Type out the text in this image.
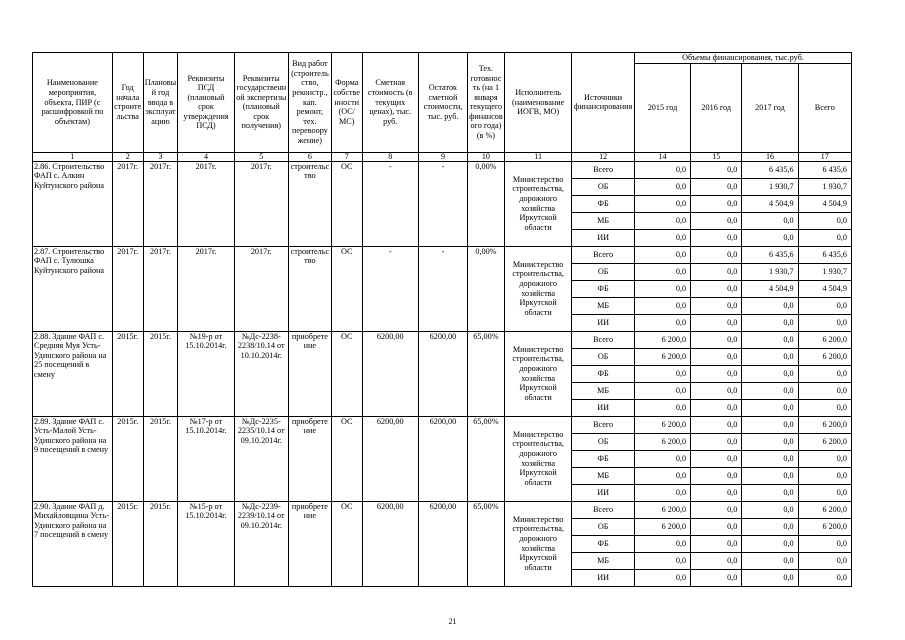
Наименование мероприятия, объекта, ПИР (с расшифровкой по объектам)	Год начала строительства	Плановый год ввода в эксплуатацию	Реквизиты ПСД (плановый срок утверждения ПСД)	Реквизиты государственной экспертизы (плановый срок получения)	Вид работ (строительство, реконстр., кап. ремонт, тех. перевооружение)	Форма собственности (ОС/МС)	Сметная стоимость (в текущих ценах), тыс. руб.	Остаток сметной стоимости, тыс. руб.	Тех. готовность (на 1 января текущего финансового года) (в %)	Исполнитель (наименование ИОГВ, МО)	Источники финансирования	Объемы финансирования, тыс.руб.			
												2015 год	2016 год	2017 год	Всего
1	2	3	4	5	6	7	8	9	10	11	12	14	15	16	17
2.86. Строительство ФАП с. Алкин Куйтунского района	2017г.	2017г.	2017г.	2017г.	строительство	ОС	-	-	0,00%	Министерство строительства, дорожного хозяйства Иркутской области	Всего	0,0	0,0	6 435,6	6 435,6
											ОБ	0,0	0,0	1 930,7	1 930,7
											ФБ	0,0	0,0	4 504,9	4 504,9
											МБ	0,0	0,0	0,0	0,0
											ИИ	0,0	0,0	0,0	0,0
2.87. Строительство ФАП с. Тулюшка Куйтунского района	2017г.	2017г.	2017г.	2017г.	строительство	ОС	-	-	0,00%	Министерство строительства, дорожного хозяйства Иркутской области	Всего	0,0	0,0	6 435,6	6 435,6
											ОБ	0,0	0,0	1 930,7	1 930,7
											ФБ	0,0	0,0	4 504,9	4 504,9
											МБ	0,0	0,0	0,0	0,0
											ИИ	0,0	0,0	0,0	0,0
2.88. Здание ФАП с. Средняя Муя Усть-Удинского района на 25 посещений в смену	2015г.	2015г.	№19-р от 15.10.2014г.	№Дс-2238-2238/10.14 от 10.10.2014г.	приобретение	ОС	6200,00	6200,00	65,00%	Министерство строительства, дорожного хозяйства Иркутской области	Всего	6 200,0	0,0	0,0	6 200,0
											ОБ	6 200,0	0,0	0,0	6 200,0
											ФБ	0,0	0,0	0,0	0,0
											МБ	0,0	0,0	0,0	0,0
											ИИ	0,0	0,0	0,0	0,0
2.89. Здание ФАП с. Усть-Малой Усть-Удинского района на 9 посещений в смену	2015г.	2015г.	№17-р от 15.10.2014г.	№Дс-2235-2235/10.14 от 09.10.2014г.	приобретение	ОС	6200,00	6200,00	65,00%	Министерство строительства, дорожного хозяйства Иркутской области	Всего	6 200,0	0,0	0,0	6 200,0
											ОБ	6 200,0	0,0	0,0	6 200,0
											ФБ	0,0	0,0	0,0	0,0
											МБ	0,0	0,0	0,0	0,0
											ИИ	0,0	0,0	0,0	0,0
2.90. Здание ФАП д. Михайловщина Усть-Удинского района на 7 посещений в смену	2015г.	2015г.	№15-р от 15.10.2014г.	№Дс-2239-2239/10.14 от 09.10.2014г.	приобретение	ОС	6200,00	6200,00	65,00%	Министерство строительства, дорожного хозяйства Иркутской области	Всего	6 200,0	0,0	0,0	6 200,0
											ОБ	6 200,0	0,0	0,0	6 200,0
											ФБ	0,0	0,0	0,0	0,0
											МБ	0,0	0,0	0,0	0,0
											ИИ	0,0	0,0	0,0	0,0
21
